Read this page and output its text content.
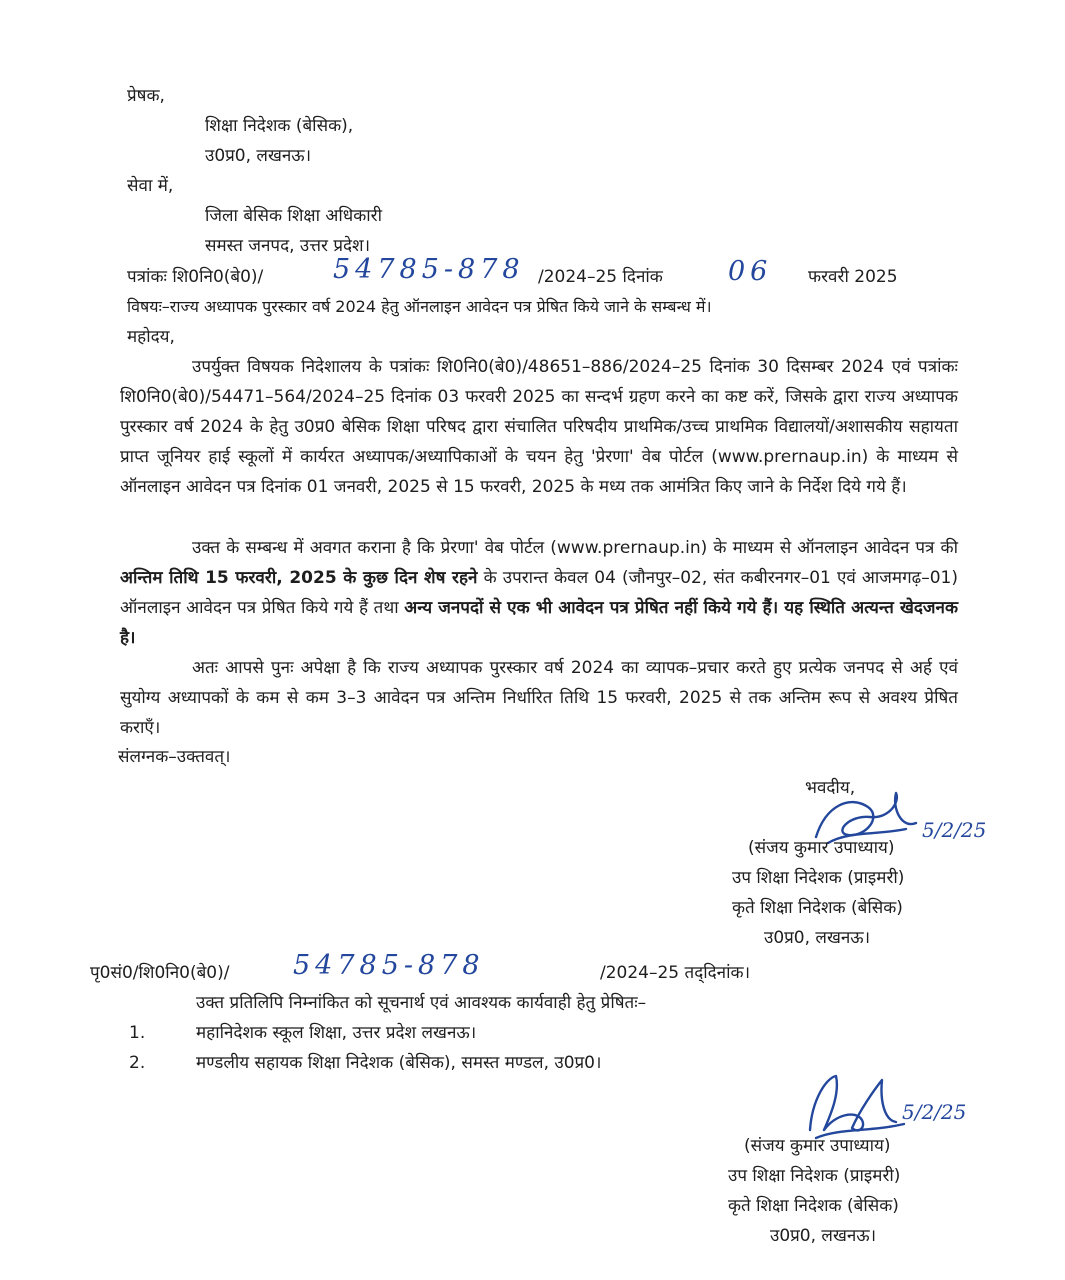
प्रेषक,
शिक्षा निदेशक (बेसिक),
उ0प्र0, लखनऊ।
सेवा में,
जिला बेसिक शिक्षा अधिकारी
समस्त जनपद, उत्तर प्रदेश।
पत्रांकः शि0नि0(बे0)/	54785-878 /2024–25 दिनांक 06 फरवरी 2025
विषयः–राज्य अध्यापक पुरस्कार वर्ष 2024 हेतु ऑनलाइन आवेदन पत्र प्रेषित किये जाने के सम्बन्ध में।
महोदय,
उपर्युक्त विषयक निदेशालय के पत्रांकः शि0नि0(बे0)/48651–886/2024–25 दिनांक 30 दिसम्बर 2024 एवं पत्रांकः शि0नि0(बे0)/54471–564/2024–25 दिनांक 03 फरवरी 2025 का सन्दर्भ ग्रहण करने का कष्ट करें, जिसके द्वारा राज्य अध्यापक पुरस्कार वर्ष 2024 के हेतु उ0प्र0 बेसिक शिक्षा परिषद द्वारा संचालित परिषदीय प्राथमिक/उच्च प्राथमिक विद्यालयों/अशासकीय सहायता प्राप्त जूनियर हाई स्कूलों में कार्यरत अध्यापक/अध्यापिकाओं के चयन हेतु 'प्रेरणा' वेब पोर्टल (www.prernaup.in) के माध्यम से ऑनलाइन आवेदन पत्र दिनांक 01 जनवरी, 2025 से 15 फरवरी, 2025 के मध्य तक आमंत्रित किए जाने के निर्देश दिये गये हैं।
उक्त के सम्बन्ध में अवगत कराना है कि प्रेरणा' वेब पोर्टल (www.prernaup.in) के माध्यम से ऑनलाइन आवेदन पत्र की अन्तिम तिथि 15 फरवरी, 2025 के कुछ दिन शेष रहने के उपरान्त केवल 04 (जौनपुर–02, संत कबीरनगर–01 एवं आजमगढ़–01) ऑनलाइन आवेदन पत्र प्रेषित किये गये हैं तथा अन्य जनपदों से एक भी आवेदन पत्र प्रेषित नहीं किये गये हैं। यह स्थिति अत्यन्त खेदजनक है।
अतः आपसे पुनः अपेक्षा है कि राज्य अध्यापक पुरस्कार वर्ष 2024 का व्यापक–प्रचार करते हुए प्रत्येक जनपद से अर्ह एवं सुयोग्य अध्यापकों के कम से कम 3–3 आवेदन पत्र अन्तिम निर्धारित तिथि 15 फरवरी, 2025 से तक अन्तिम रूप से अवश्य प्रेषित कराएँ।
संलग्नक–उक्तवत्।
भवदीय,
5/2/25
(संजय कुमार उपाध्याय)
उप शिक्षा निदेशक (प्राइमरी)
कृते शिक्षा निदेशक (बेसिक)
उ0प्र0, लखनऊ।
पृ0सं0/शि0नि0(बे0)/ 54785-878	/2024–25 तद्‌दिनांक।
उक्त प्रतिलिपि निम्नांकित को सूचनार्थ एवं आवश्यक कार्यवाही हेतु प्रेषितः–
1.	महानिदेशक स्कूल शिक्षा, उत्तर प्रदेश लखनऊ।
2.	मण्डलीय सहायक शिक्षा निदेशक (बेसिक), समस्त मण्डल, उ0प्र0।
5/2/25
(संजय कुमार उपाध्याय)
उप शिक्षा निदेशक (प्राइमरी)
कृते शिक्षा निदेशक (बेसिक)
उ0प्र0, लखनऊ।
